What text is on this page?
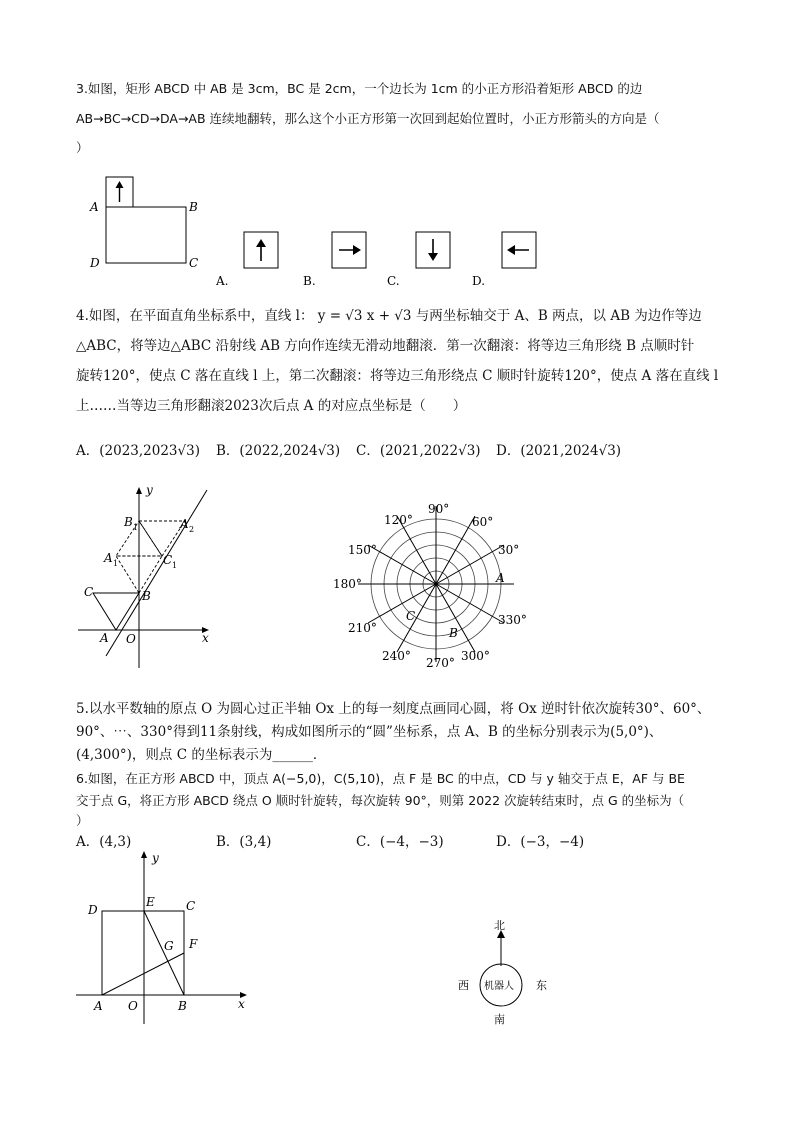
3.如图，矩形 ABCD 中 AB 是 3cm，BC 是 2cm，一个边长为 1cm 的小正方形沿着矩形 ABCD 的边
AB→BC→CD→DA→AB 连续地翻转，那么这个小正方形第一次回到起始位置时，小正方形箭头的方向是（
）
A	B
D	C
A.	B.	C.	D.
4.如图，在平面直角坐标系中，直线 l： y = √3 x + √3 与两坐标轴交于 A、B 两点，以 AB 为边作等边
△ABC，将等边△ABC 沿射线 AB 方向作连续无滑动地翻滚．第一次翻滚：将等边三角形绕 B 点顺时针
旋转120°，使点 C 落在直线 l 上，第二次翻滚：将等边三角形绕点 C 顺时针旋转120°，使点 A 落在直线 l
上……当等边三角形翻滚2023次后点 A 的对应点坐标是（　　）
A．(2023,2023√3) B．(2022,2024√3) C．(2021,2022√3) D．(2021,2024√3)
y
x
O
A
B
C
B 1
A 1	C 1
A 2
90°
60°
30°
330°
300°
270°
240°
210°
180°
150°
120°
A
B
C
5.以水平数轴的原点 O 为圆心过正半轴 Ox 上的每一刻度点画同心圆，将 Ox 逆时针依次旋转30°、60°、
90°、⋯、330°得到11条射线，构成如图所示的“圆”坐标系，点 A、B 的坐标分别表示为(5,0°)、
(4,300°)，则点 C 的坐标表示为______．
6.如图，在正方形 ABCD 中，顶点 A(−5,0)，C(5,10)，点 F 是 BC 的中点，CD 与 y 轴交于点 E，AF 与 BE
交于点 G，将正方形 ABCD 绕点 O 顺时针旋转，每次旋转 90°，则第 2022 次旋转结束时，点 G 的坐标为（
）
A．(4,3)	B．(3,4)	C．(−4，−3)	D．(−3，−4)
y
x
O
A	B
C
D
E
F
G
北
机器人
西	东
南
